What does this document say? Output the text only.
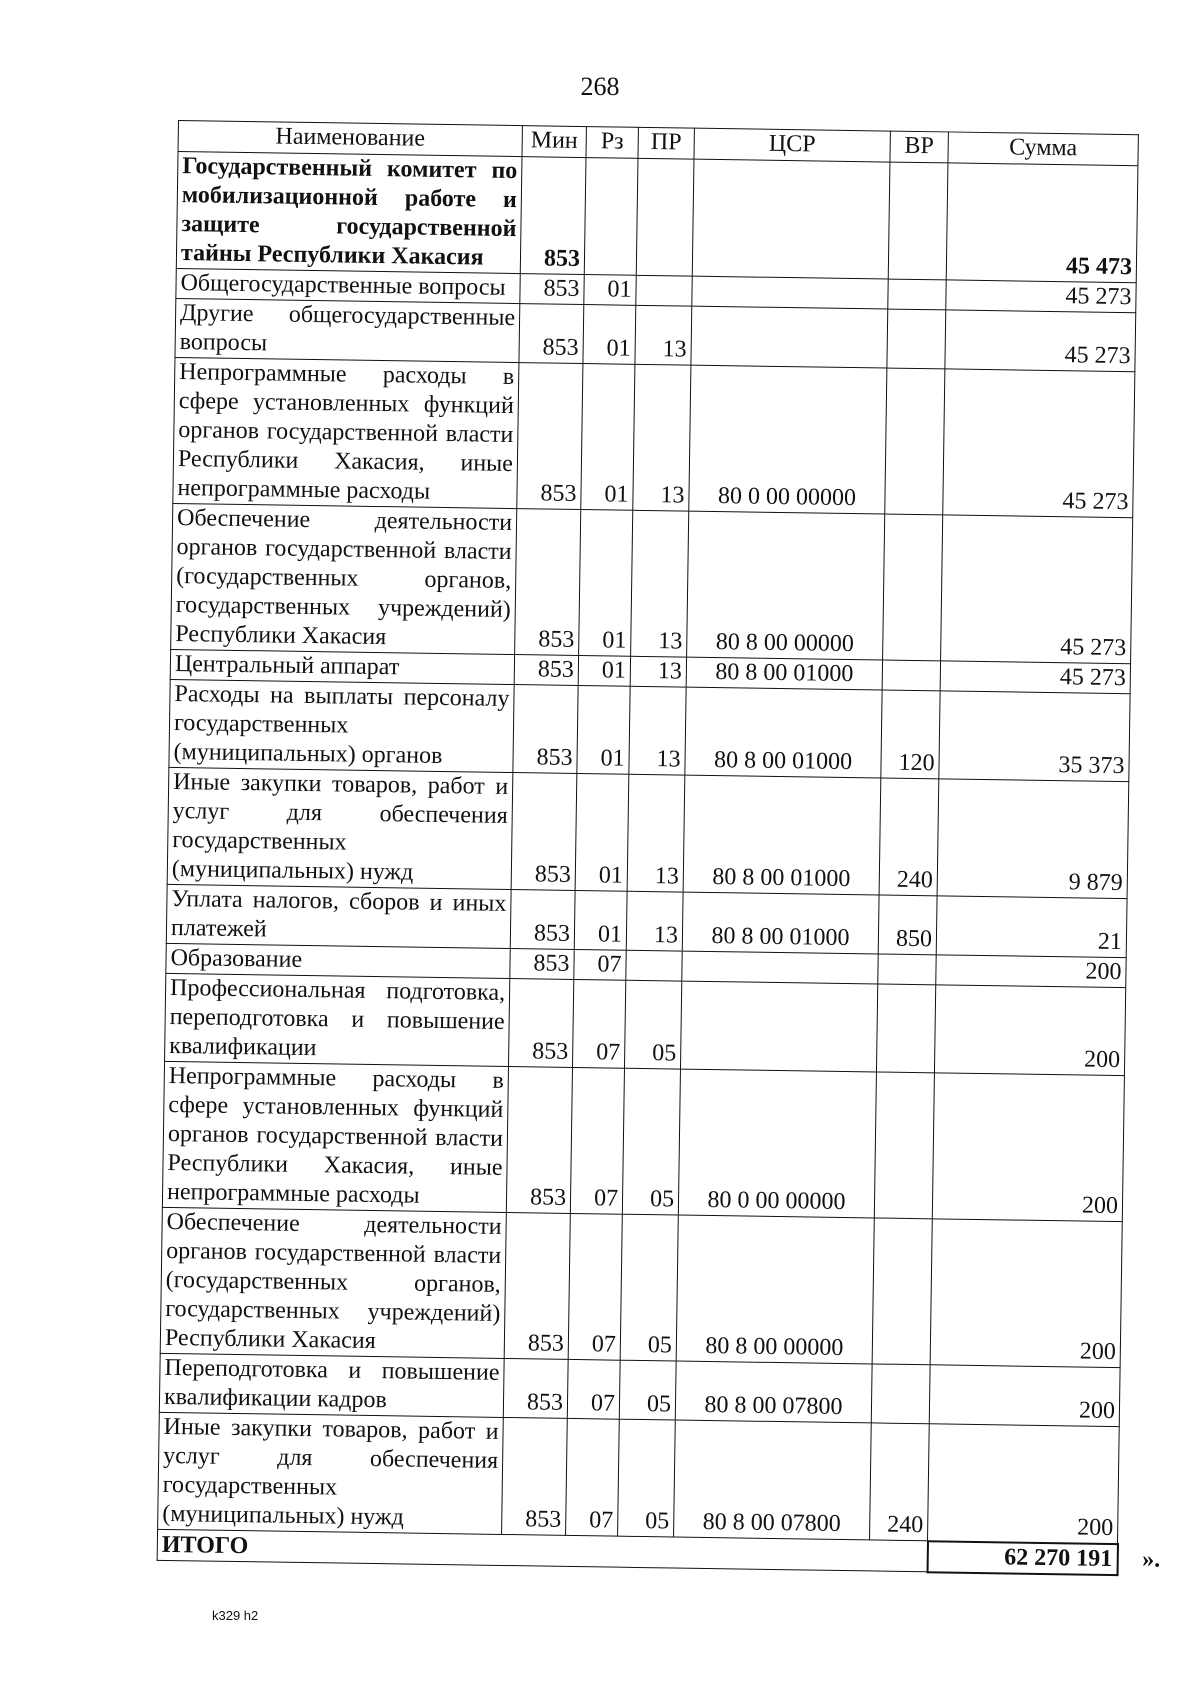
268
Наименование	Мин	Рз	ПР	ЦСР	ВР	Сумма
Государственный комитет по мобилизационной работе и защите государственной тайны Республики Хакасия	853					45 473
Общегосударственные вопросы	853	01				45 273
Другие общегосударственные вопросы	853	01	13			45 273
Непрограммные расходы в сфере установленных функций органов государственной власти Республики Хакасия, иные непрограммные расходы	853	01	13	80 0 00 00000		45 273
Обеспечение деятельности органов государственной власти (государственных органов, государственных учреждений) Республики Хакасия	853	01	13	80 8 00 00000		45 273
Центральный аппарат	853	01	13	80 8 00 01000		45 273
Расходы на выплаты персоналу государственных (муниципальных) органов	853	01	13	80 8 00 01000	120	35 373
Иные закупки товаров, работ и услуг для обеспечения государственных (муниципальных) нужд	853	01	13	80 8 00 01000	240	9 879
Уплата налогов, сборов и иных платежей	853	01	13	80 8 00 01000	850	21
Образование	853	07				200
Профессиональная подготовка, переподготовка и повышение квалификации	853	07	05			200
Непрограммные расходы в сфере установленных функций органов государственной власти Республики Хакасия, иные непрограммные расходы	853	07	05	80 0 00 00000		200
Обеспечение деятельности органов государственной власти (государственных органов, государственных учреждений) Республики Хакасия	853	07	05	80 8 00 00000		200
Переподготовка и повышение квалификации кадров	853	07	05	80 8 00 07800		200
Иные закупки товаров, работ и услуг для обеспечения государственных (муниципальных) нужд	853	07	05	80 8 00 07800	240	200
ИТОГО						62 270 191 ».
k329 h2
